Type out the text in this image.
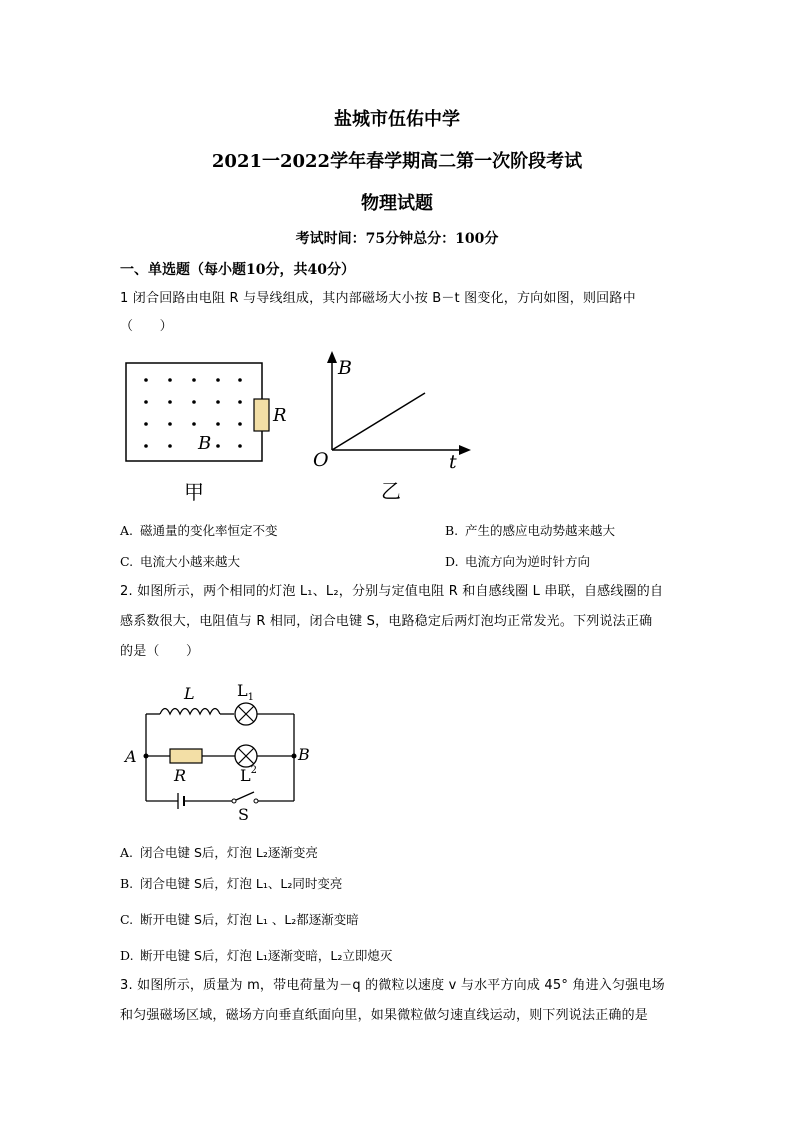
盐城市伍佑中学
2021一2022学年春学期高二第一次阶段考试
物理试题
考试时间：75分钟总分：100分
一、单选题（每小题10分，共40分）
1 闭合回路由电阻 R 与导线组成，其内部磁场大小按 B－t 图变化，方向如图，则回路中
（　　）
B
R
甲
B
O	t
乙
A. 磁通量的变化率恒定不变	B. 产生的感应电动势越来越大
C. 电流大小越来越大	D. 电流方向为逆时针方向
2. 如图所示，两个相同的灯泡 L₁、L₂，分别与定值电阻 R 和自感线圈 L 串联，自感线圈的自
感系数很大，电阻值与 R 相同，闭合电键 S，电路稳定后两灯泡均正常发光。下列说法正确
的是（　　）
L	$L_1$
A	B
R	$L^2$
S
A. 闭合电键 S后，灯泡 L₂逐渐变亮
B. 闭合电键 S后，灯泡 L₁、L₂同时变亮
C. 断开电键 S后，灯泡 L₁ 、L₂都逐渐变暗
D. 断开电键 S后，灯泡 L₁逐渐变暗，L₂立即熄灭
3. 如图所示，质量为 m，带电荷量为－q 的微粒以速度 v 与水平方向成 45° 角进入匀强电场
和匀强磁场区域，磁场方向垂直纸面向里，如果微粒做匀速直线运动，则下列说法正确的是
